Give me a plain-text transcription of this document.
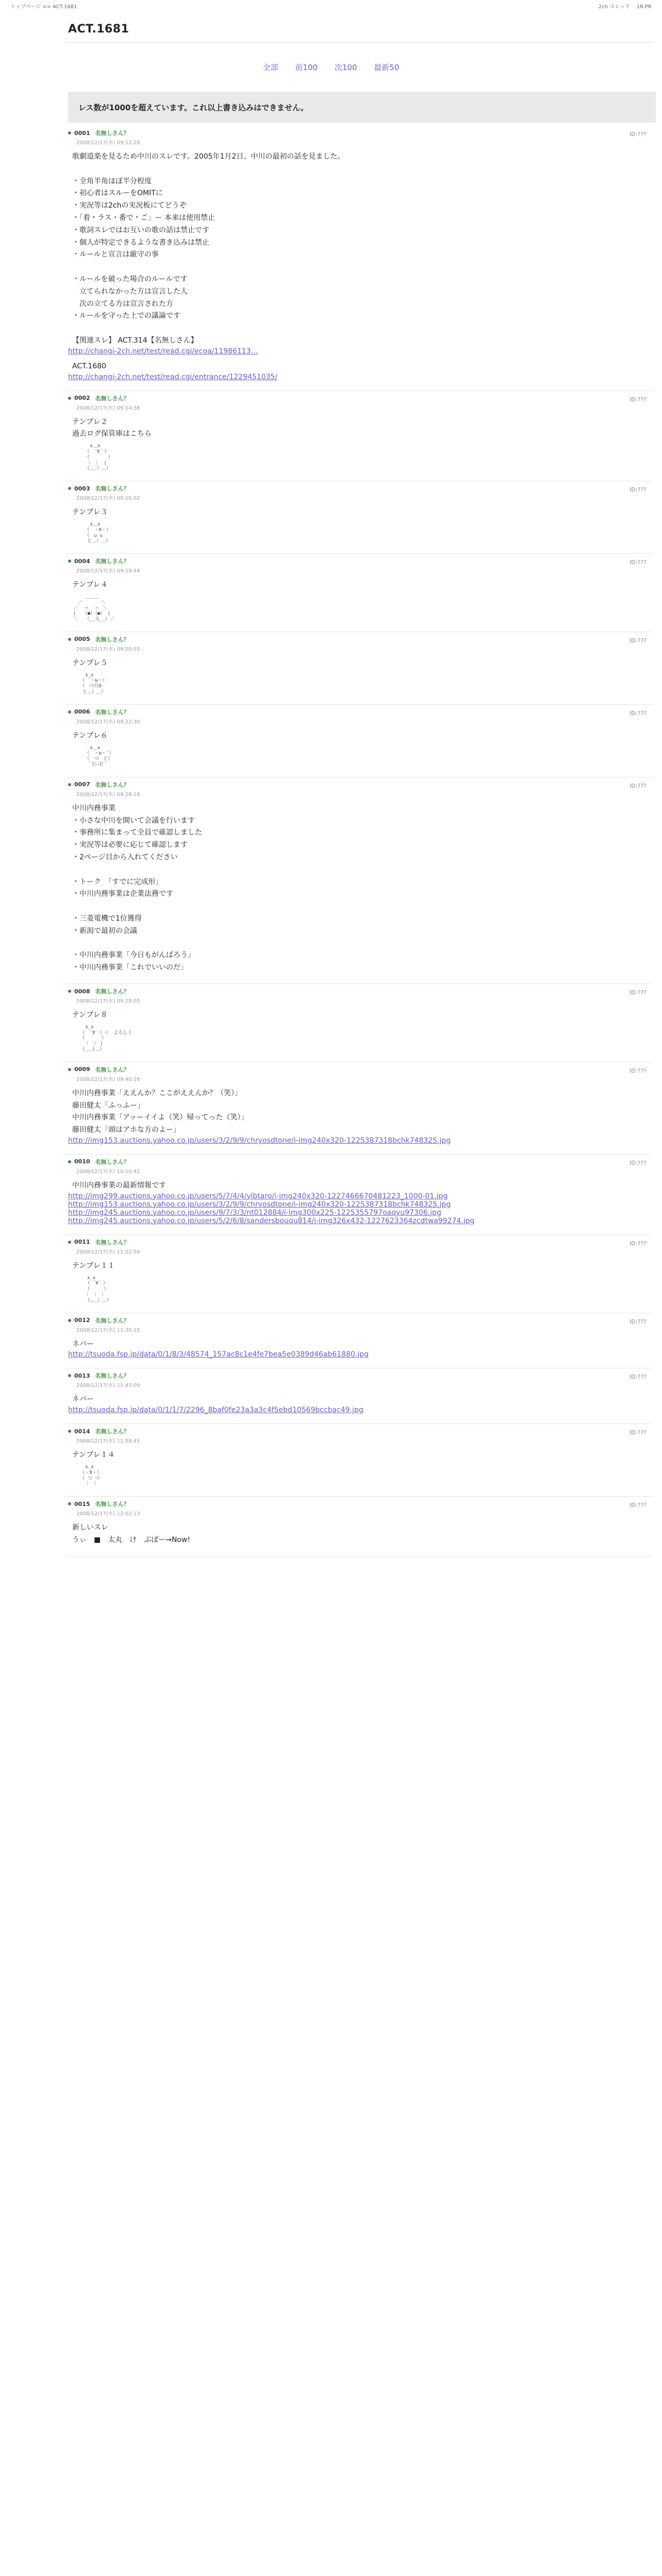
トップページ >> ACT.1681	2ch スレッド 1R.PR
ACT.1681
全部 前100 次100 最新50
レス数が1000を超えています。これ以上書き込みはできません。
0001 名無しさん？
2008/12/17(水) 09:12:28
ID:???
歌劇道楽を見るため中川のスレです。2005年1月2日、中川の最初の話を見ました。

・全角半角ほぼ半分程度
・初心者はスルーをOMITに
・実況等は2chの実況板にてどうぞ
・「着・ラス・番で・ご」ー 本来は使用禁止
・歌詞スレではお互いの歌の話は禁止です
・個人が特定できるような書き込みは禁止
・ルールと宣言は厳守の事

・ルールを破った場合のルールです
　立てられなかった方は宣言した人
　次の立てる方は宣言された方
・ルールを守った上での議論です

【関連スレ】 ACT.314【名無しさん】
http://changi-2ch.net/test/read.cgi/ecoa/11986113...
ACT.1680
http://changi-2ch.net/test/read.cgi/entrance/1229451035/
0002 名無しさん？
2008/12/17(水) 09:14:38
ID:???
テンプレ２
過去ログ保管庫はこちら
　　　 ∧＿∧
　　　（　´∀｀）
　　　（　　　　）
　　　｜ ｜　|
　　　（＿_）＿）
0003 名無しさん？
2008/12/17(水) 09:16:02
ID:???
テンプレ３
　　　 ∧＿∧
　　　（　・∀・）
　　　（　∪ ∪
　　　と＿）＿）
0004 名無しさん？
2008/12/17(水) 09:18:44
ID:???
テンプレ４
　　 ＿＿＿
　／　　　　＼
／　 ─　 ─　＼
|　　（●）（●） |
＼　　（__人__）／
0005 名無しさん？
2008/12/17(水) 09:20:55
ID:???
テンプレ５
　　 ∧_∧
　　（ ´・ω・）
　　（　つ旦O
　　と＿）＿）
0006 名無しさん？
2008/12/17(水) 09:22:30
ID:???
テンプレ６
　　　 ∧＿∧
　　　（｀・ω・´）
　　　（　つ　と）
　　　｀Ｕ―Ｕ´
0007 名無しさん？
2008/12/17(水) 09:26:18
ID:???
中川内務事業
・小さな中川を開いて会議を行います
・事務所に集まって全員で確認しました
・実況等は必要に応じて確認します
・2ページ目から入れてください

・トーク　「すでに完成形」
・中川内務事業は企業法務です

・三菱電機で1位獲得
・新潟で最初の会議

・中川内務事業「今日もがんばろう」
・中川内務事業「これでいいのだ」
0008 名無しさん？
2008/12/17(水) 09:28:05
ID:???
テンプレ８
　　 ∧_∧
　　（　´∀｀）＜　よろしく
　　（　　　 ）
　　 ｜ ｜ |
　　（_＿)＿）
0009 名無しさん？
2008/12/17(水) 09:40:16
ID:???
中川内務事業「ええんか？ここがええんか？（笑）」
藤田健太「ふっふー」
中川内務事業「アッーイイよ（笑）帰ってった（笑）」
藤田健太「頭はアホな方のよー」
http://img153.auctions.yahoo.co.jp/users/3/2/9/9/chryosdtone/i-img240x320-1225387318bchk748325.jpg
0010 名無しさん？
2008/12/17(水) 10:10:42
ID:???
中川内務事業の最新情報です
http://img299.auctions.yahoo.co.jp/users/5/7/4/4/ylbtaro/i-img240x320-1227466670481223_1000-01.jpg
http://img153.auctions.yahoo.co.jp/users/3/2/9/9/chryosdtone/i-img240x320-1225387318bchk748325.jpg
http://img245.auctions.yahoo.co.jp/users/9/7/3/3/nt012884/i-img300x225-1225355797oaqyu97306.jpg
http://img245.auctions.yahoo.co.jp/users/5/2/6/8/sandersbouqu814/i-img326x432-1227623364zcdtwa99274.jpg
0011 名無しさん？
2008/12/17(水) 11:02:56
ID:???
テンプレ１１
　　　∧_∧
　　 （ ´∀｀）
　　 （　　　）
　　 ｜ ｜ ｜
　　 （＿_）＿）
0012 名無しさん？
2008/12/17(水) 11:30:15
ID:???
ネバー
http://tsuoda.fsp.jp/data/0/1/8/3/48574_157ac8c1e4fe7bea5e0389d46ab61880.jpg
0013 名無しさん？
2008/12/17(水) 11:43:09
ID:???
ネバー
http://tsuoda.fsp.jp/data/0/1/1/7/2296_8baf0fe23a3a3c4f5ebd10569bccbac49.jpg
0014 名無しさん？
2008/12/17(水) 11:58:41
ID:???
テンプレ１４
　　 ∧_∧
　　（・∀・）
　　（ つ つ
　　 ｜ ｜
0015 名無しさん？
2008/12/17(水) 12:02:13
ID:???
新しいスレ
うぃ　■　太丸　け　ぶぽー→Now!
